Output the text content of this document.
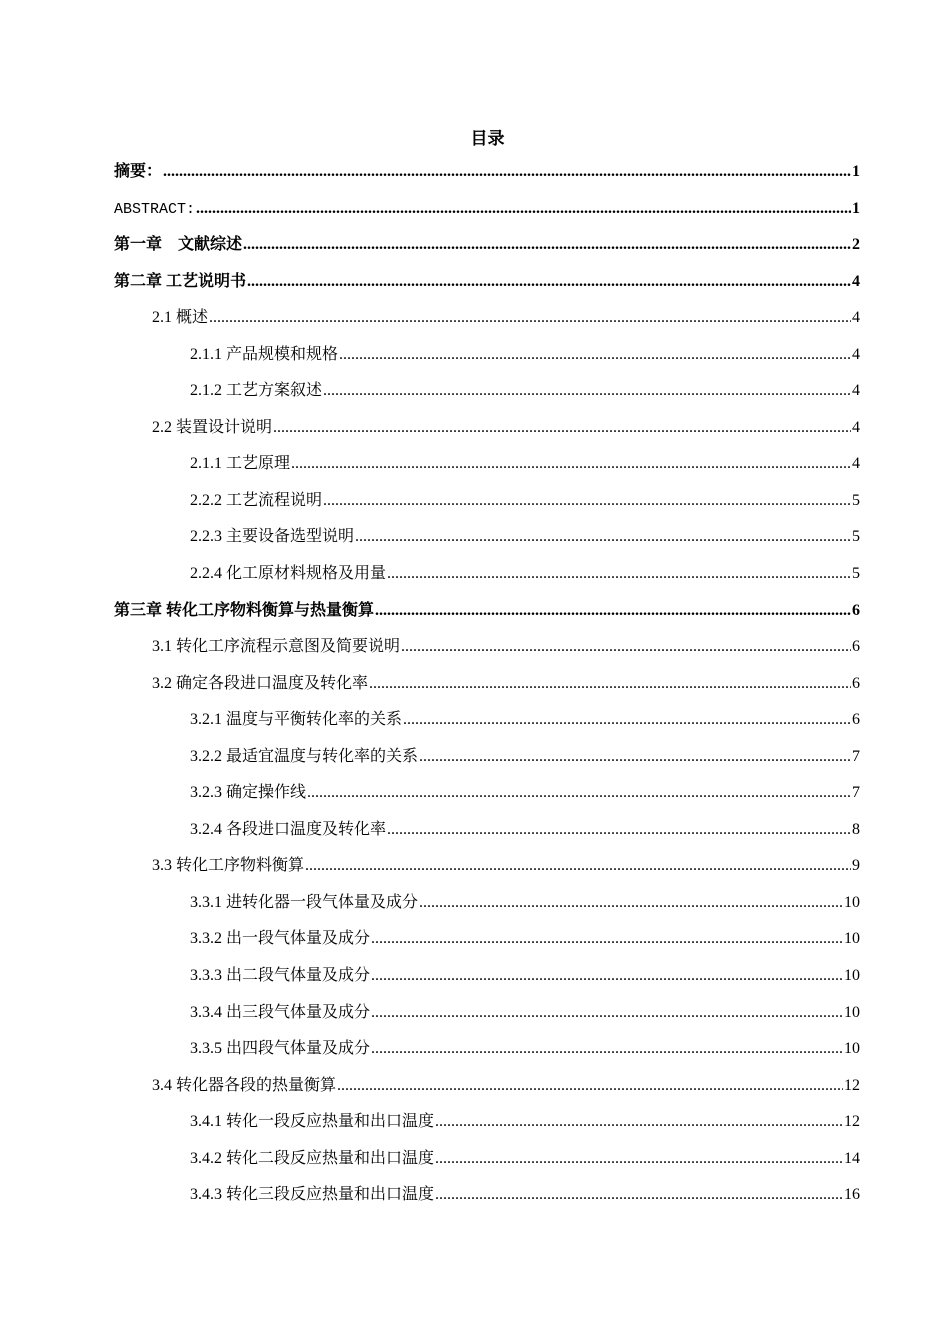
目录
摘要： .....	1
ABSTRACT: .....	1
第一章　文献综述 .....	2
第二章 工艺说明书 .....	4
2.1 概述 .....	4
2.1.1 产品规模和规格 .....	4
2.1.2 工艺方案叙述 .....	4
2.2 装置设计说明 .....	4
2.1.1 工艺原理 .....	4
2.2.2 工艺流程说明 .....	5
2.2.3 主要设备选型说明 .....	5
2.2.4 化工原材料规格及用量 .....	5
第三章 转化工序物料衡算与热量衡算 .....	6
3.1 转化工序流程示意图及简要说明 .....	6
3.2 确定各段进口温度及转化率 .....	6
3.2.1 温度与平衡转化率的关系 .....	6
3.2.2 最适宜温度与转化率的关系 .....	7
3.2.3 确定操作线 .....	7
3.2.4 各段进口温度及转化率 .....	8
3.3 转化工序物料衡算 .....	9
3.3.1 进转化器一段气体量及成分 .....	10
3.3.2 出一段气体量及成分 .....	10
3.3.3 出二段气体量及成分 .....	10
3.3.4 出三段气体量及成分 .....	10
3.3.5 出四段气体量及成分 .....	10
3.4 转化器各段的热量衡算 .....	12
3.4.1 转化一段反应热量和出口温度 .....	12
3.4.2 转化二段反应热量和出口温度 .....	14
3.4.3 转化三段反应热量和出口温度 .....	16
